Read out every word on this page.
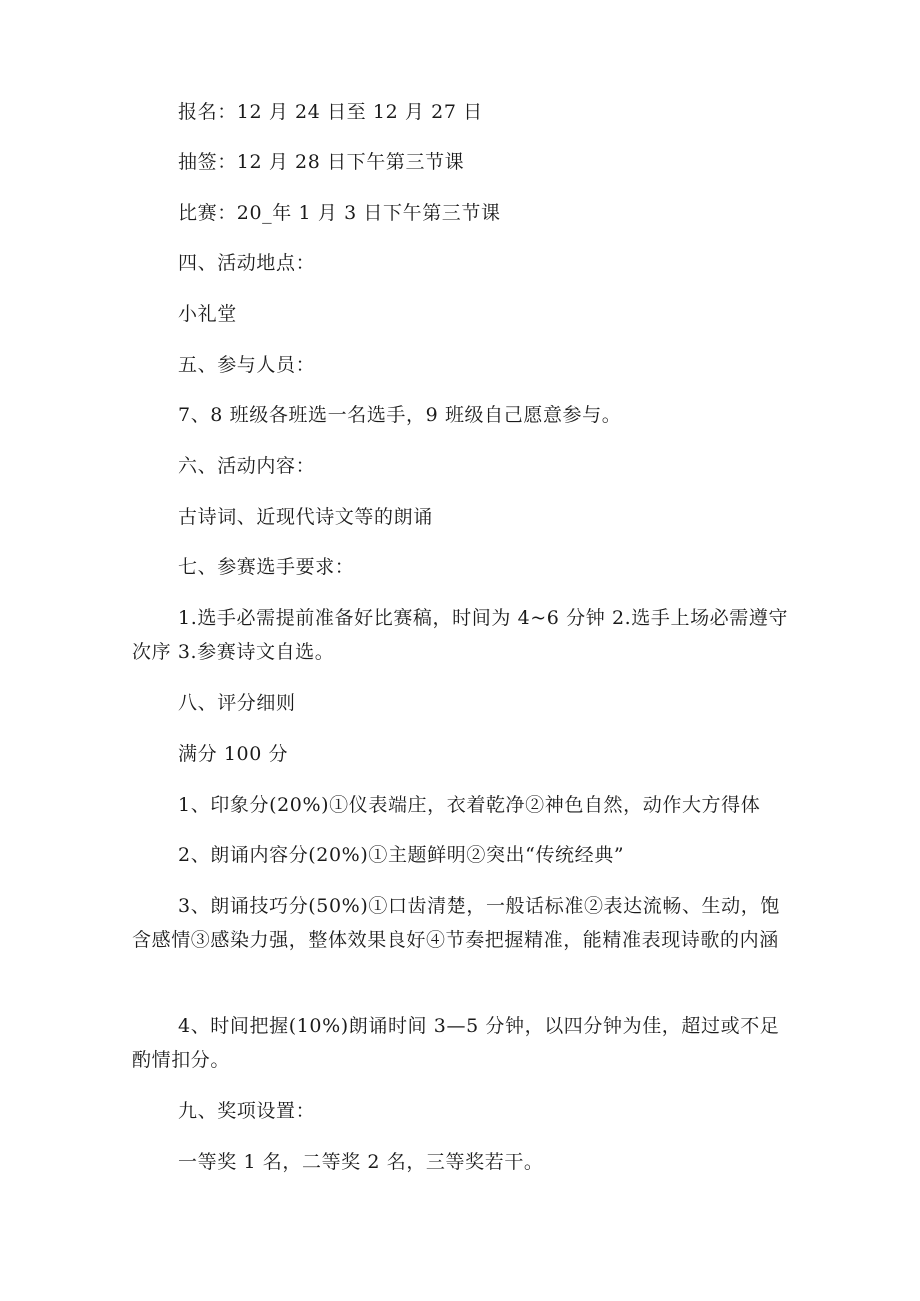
报名：12 月 24 日至 12 月 27 日

抽签：12 月 28 日下午第三节课

比赛：20_年 1 月 3 日下午第三节课

四、活动地点：

小礼堂

五、参与人员：

7、8 班级各班选一名选手，9 班级自己愿意参与。

六、活动内容：

古诗词、近现代诗文等的朗诵

七、参赛选手要求：

1.选手必需提前准备好比赛稿，时间为 4~6 分钟 2.选手上场必需遵守次序 3.参赛诗文自选。

八、评分细则

满分 100 分

1、印象分(20%)①仪表端庄，衣着乾净②神色自然，动作大方得体

2、朗诵内容分(20%)①主题鲜明②突出“传统经典”

3、朗诵技巧分(50%)①口齿清楚，一般话标准②表达流畅、生动，饱含感情③感染力强，整体效果良好④节奏把握精准，能精准表现诗歌的内涵

4、时间把握(10%)朗诵时间 3—5 分钟，以四分钟为佳，超过或不足酌情扣分。

九、奖项设置：

一等奖 1 名，二等奖 2 名，三等奖若干。
